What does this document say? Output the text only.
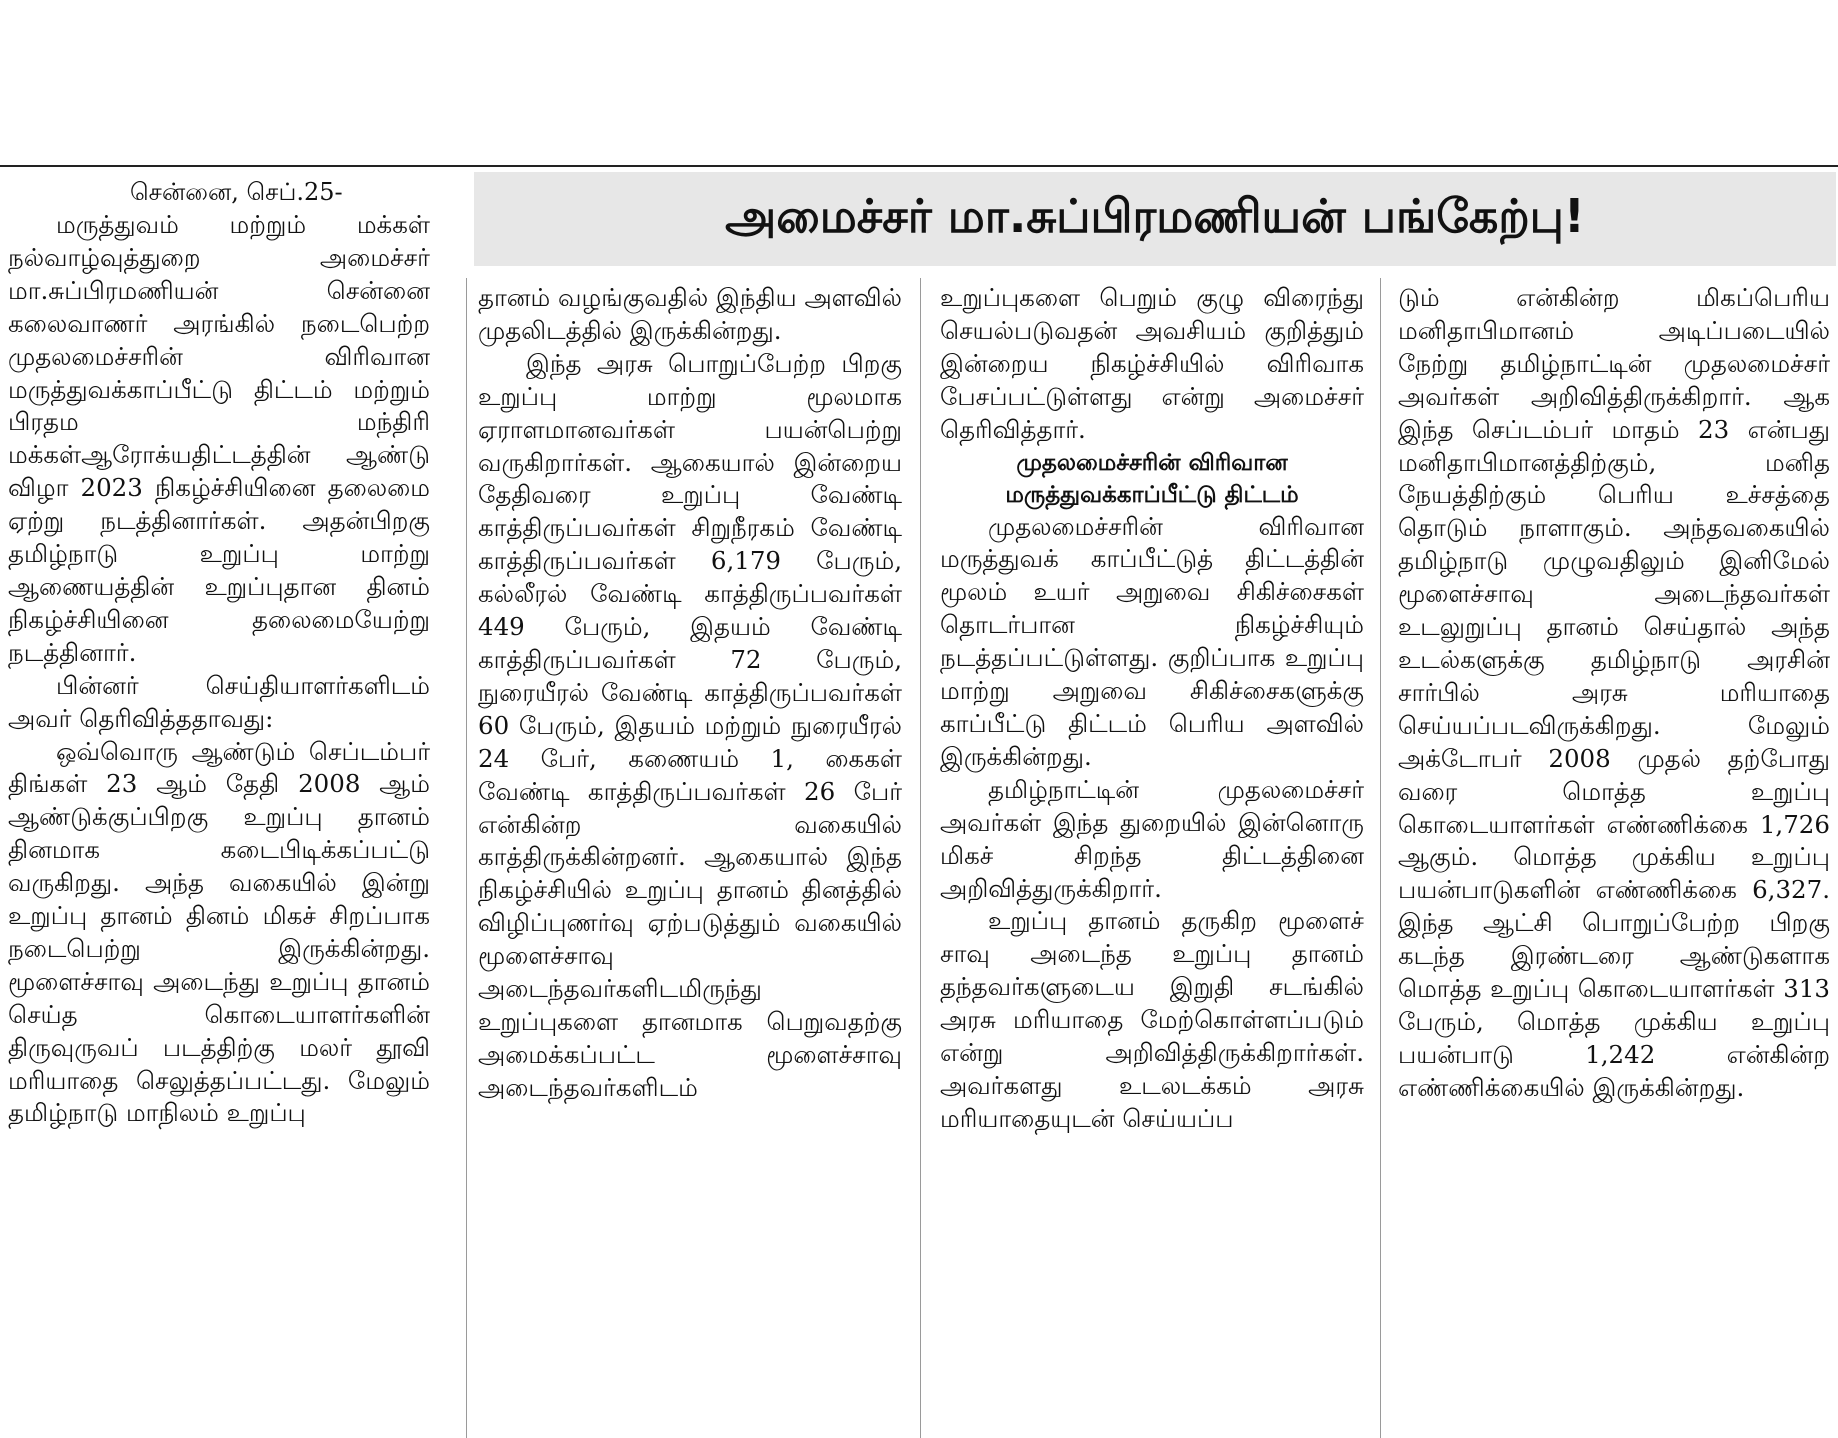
சென்னை, செப்.25-	அமைச்சர் மா.சுப்பிரமணியன் பங்கேற்பு!

மருத்துவம் மற்றும் மக்கள் நல்வாழ்வுத்துறை அமைச்சர் மா.சுப்பிரமணியன் சென்னை கலைவாணர் அரங்கில் நடைபெற்ற முதலமைச்சரின் விரிவான மருத்துவக்காப்பீட்டு திட்டம் மற்றும் பிரதம மந்திரி மக்கள்ஆரோக்யதிட்டத்தின் ஆண்டு விழா 2023 நிகழ்ச்சியினை தலைமை ஏற்று நடத்தினார்கள். அதன்பிறகு தமிழ்நாடு உறுப்பு மாற்று ஆணையத்தின் உறுப்புதான தினம் நிகழ்ச்சியினை தலைமையேற்று நடத்தினார்.

பின்னர் செய்தியாளர்களிடம் அவர் தெரிவித்ததாவது:

ஒவ்வொரு ஆண்டும் செப்டம்பர் திங்கள் 23 ஆம் தேதி 2008 ஆம் ஆண்டுக்குப்பிறகு உறுப்பு தானம் தினமாக கடைபிடிக்கப்பட்டு வருகிறது. அந்த வகையில் இன்று உறுப்பு தானம் தினம் மிகச் சிறப்பாக நடைபெற்று இருக்கின்றது. மூளைச்சாவு அடைந்து உறுப்பு தானம் செய்த கொடையாளர்களின் திருவுருவப் படத்திற்கு மலர் தூவி மரியாதை செலுத்தப்பட்டது. மேலும் தமிழ்நாடு மாநிலம் உறுப்பு

தானம் வழங்குவதில் இந்திய அளவில் முதலிடத்தில் இருக்கின்றது.

இந்த அரசு பொறுப்பேற்ற பிறகு உறுப்பு மாற்று மூலமாக ஏராளமானவர்கள் பயன்பெற்று வருகிறார்கள். ஆகையால் இன்றைய தேதிவரை உறுப்பு வேண்டி காத்திருப்பவர்கள் சிறுநீரகம் வேண்டி காத்திருப்பவர்கள் 6,179 பேரும், கல்லீரல் வேண்டி காத்திருப்பவர்கள் 449 பேரும், இதயம் வேண்டி காத்திருப்பவர்கள் 72 பேரும், நுரையீரல் வேண்டி காத்திருப்பவர்கள் 60 பேரும், இதயம் மற்றும் நுரையீரல் 24 பேர், கணையம் 1, கைகள் வேண்டி காத்திருப்பவர்கள் 26 பேர் என்கின்ற வகையில் காத்திருக்கின்றனர். ஆகையால் இந்த நிகழ்ச்சியில் உறுப்பு தானம் தினத்தில் விழிப்புணர்வு ஏற்படுத்தும் வகையில் மூளைச்சாவு அடைந்தவர்களிடமிருந்து உறுப்புகளை தானமாக பெறுவதற்கு அமைக்கப்பட்ட மூளைச்சாவு அடைந்தவர்களிடம்

உறுப்புகளை பெறும் குழு விரைந்து செயல்படுவதன் அவசியம் குறித்தும் இன்றைய நிகழ்ச்சியில் விரிவாக பேசப்பட்டுள்ளது என்று அமைச்சர் தெரிவித்தார்.

முதலமைச்சரின் விரிவான மருத்துவக்காப்பீட்டு திட்டம்

முதலமைச்சரின் விரிவான மருத்துவக் காப்பீட்டுத் திட்டத்தின் மூலம் உயர் அறுவை சிகிச்சைகள் தொடர்பான நிகழ்ச்சியும் நடத்தப்பட்டுள்ளது. குறிப்பாக உறுப்பு மாற்று அறுவை சிகிச்சைகளுக்கு காப்பீட்டு திட்டம் பெரிய அளவில் இருக்கின்றது.

தமிழ்நாட்டின் முதலமைச்சர் அவர்கள் இந்த துறையில் இன்னொரு மிகச் சிறந்த திட்டத்தினை அறிவித்துருக்கிறார்.

உறுப்பு தானம் தருகிற மூளைச் சாவு அடைந்த உறுப்பு தானம் தந்தவர்களுடைய இறுதி சடங்கில் அரசு மரியாதை மேற்கொள்ளப்படும் என்று அறிவித்திருக்கிறார்கள். அவர்களது உடலடக்கம் அரசு மரியாதையுடன் செய்யப்ப

டும் என்கின்ற மிகப்பெரிய மனிதாபிமானம் அடிப்படையில் நேற்று தமிழ்நாட்டின் முதலமைச்சர் அவர்கள் அறிவித்திருக்கிறார். ஆக இந்த செப்டம்பர் மாதம் 23 என்பது மனிதாபிமானத்திற்கும், மனித நேயத்திற்கும் பெரிய உச்சத்தை தொடும் நாளாகும். அந்தவகையில் தமிழ்நாடு முழுவதிலும் இனிமேல் மூளைச்சாவு அடைந்தவர்கள் உடலுறுப்பு தானம் செய்தால் அந்த உடல்களுக்கு தமிழ்நாடு அரசின் சார்பில் அரசு மரியாதை செய்யப்படவிருக்கிறது. மேலும் அக்டோபர் 2008 முதல் தற்போது வரை மொத்த உறுப்பு கொடையாளர்கள் எண்ணிக்கை 1,726 ஆகும். மொத்த முக்கிய உறுப்பு பயன்பாடுகளின் எண்ணிக்கை 6,327. இந்த ஆட்சி பொறுப்பேற்ற பிறகு கடந்த இரண்டரை ஆண்டுகளாக மொத்த உறுப்பு கொடையாளர்கள் 313 பேரும், மொத்த முக்கிய உறுப்பு பயன்பாடு 1,242 என்கின்ற எண்ணிக்கையில் இருக்கின்றது.
